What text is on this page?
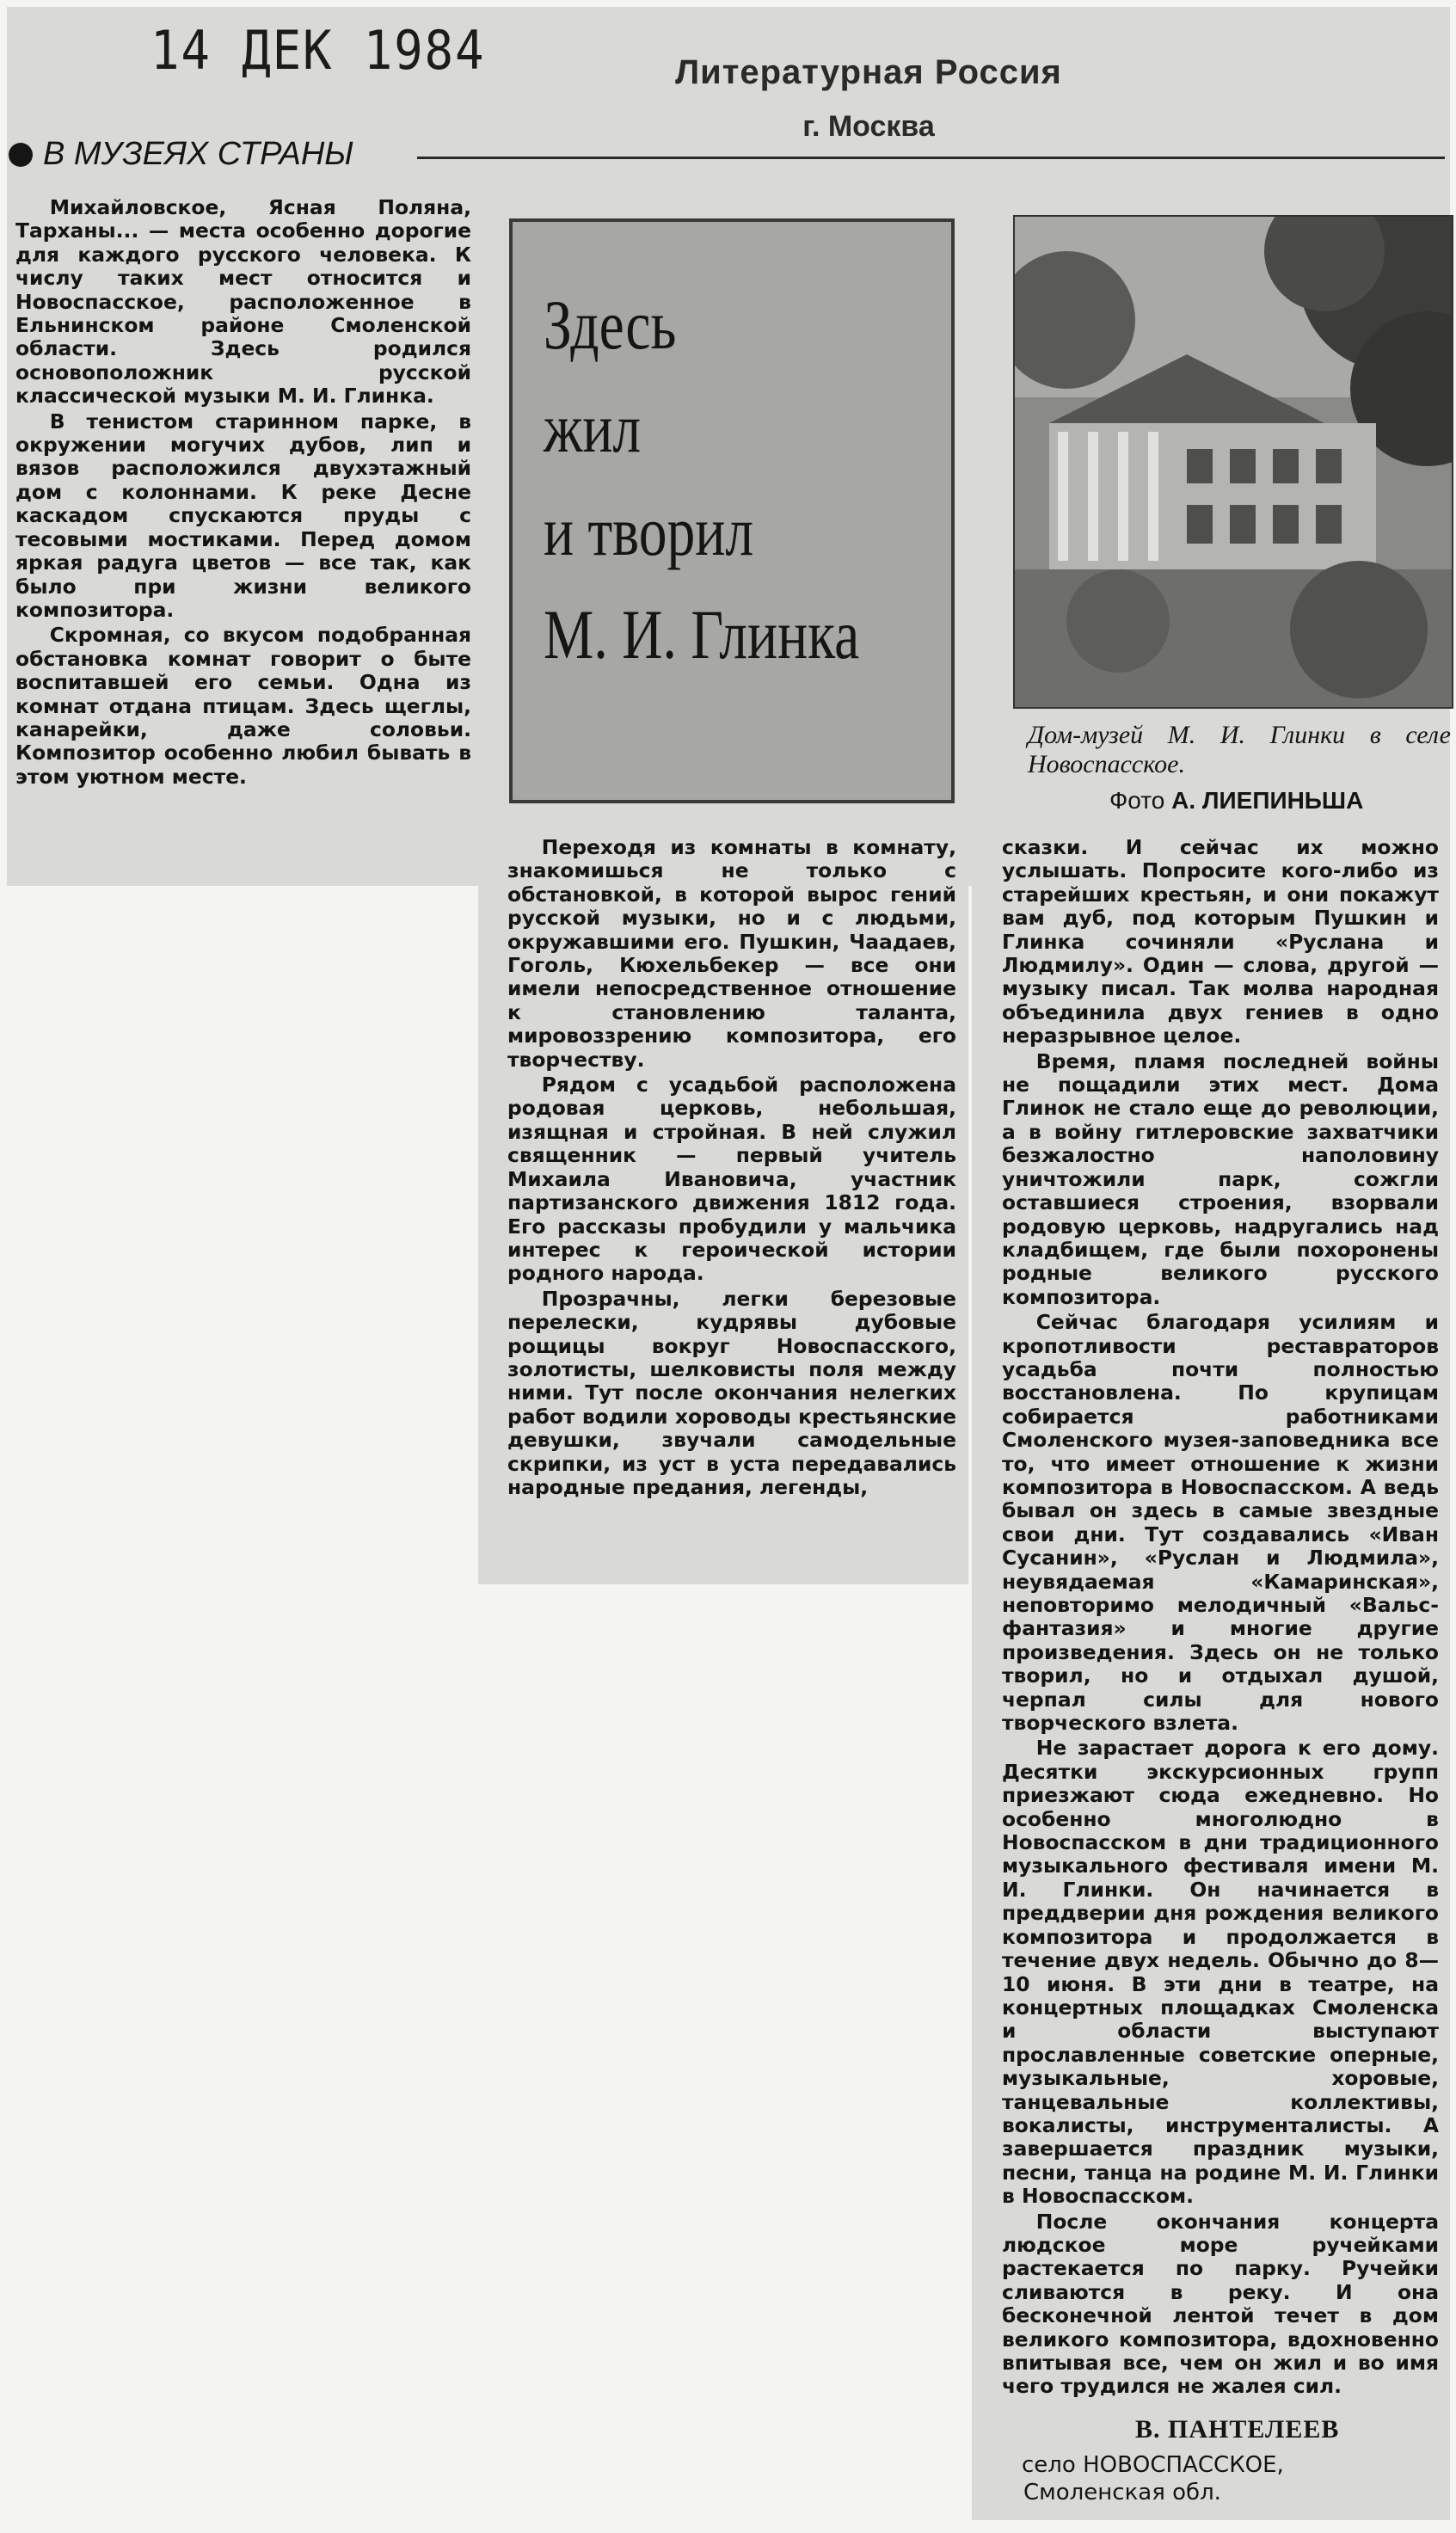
​
14 ДЕК 1984	Литературная Россия
г. Москва
В МУЗЕЯХ СТРАНЫ

Михайловское, Ясная Поляна, Тарханы... — места особенно дорогие для каждого русского человека. К числу таких мест относится и Новоспасское, расположенное в Ельнинском районе Смоленской области. Здесь родился основоположник русской классической музыки М. И. Глинка.

В тенистом старинном парке, в окружении могучих дубов, лип и вязов расположился двухэтажный дом с колоннами. К реке Десне каскадом спускаются пруды с тесовыми мостиками. Перед домом яркая радуга цветов — все так, как было при жизни великого композитора.

Скромная, со вкусом подобранная обстановка комнат говорит о быте воспитавшей его семьи. Одна из комнат отдана птицам. Здесь щеглы, канарейки, даже соловьи. Композитор особенно любил бывать в этом уютном месте.

Здесь
жил
и творил
М. И. Глинка
Дом-музей М. И. Глинки в селе Новоспасское.
Фото А. ЛИЕПИНЬША

Переходя из комнаты в комнату, знакомишься не только с обстановкой, в которой вырос гений русской музыки, но и с людьми, окружавшими его. Пушкин, Чаадаев, Гоголь, Кюхельбекер — все они имели непосредственное отношение к становлению таланта, мировоззрению композитора, его творчеству.

Рядом с усадьбой расположена родовая церковь, небольшая, изящная и стройная. В ней служил священник — первый учитель Михаила Ивановича, участник партизанского движения 1812 года. Его рассказы пробудили у мальчика интерес к героической истории родного народа.

Прозрачны, легки березовые перелески, кудрявы дубовые рощицы вокруг Новоспасского, золотисты, шелковисты поля между ними. Тут после окончания нелегких работ водили хороводы крестьянские девушки, звучали самодельные скрипки, из уст в уста передавались народные предания, легенды,

сказки. И сейчас их можно услышать. Попросите кого-либо из старейших крестьян, и они покажут вам дуб, под которым Пушкин и Глинка сочиняли «Руслана и Людмилу». Один — слова, другой — музыку писал. Так молва народная объединила двух гениев в одно неразрывное целое.

Время, пламя последней войны не пощадили этих мест. Дома Глинок не стало еще до революции, а в войну гитлеровские захватчики безжалостно наполовину уничтожили парк, сожгли оставшиеся строения, взорвали родовую церковь, надругались над кладбищем, где были похоронены родные великого русского композитора.

Сейчас благодаря усилиям и кропотливости реставраторов усадьба почти полностью восстановлена. По крупицам собирается работниками Смоленского музея-заповедника все то, что имеет отношение к жизни композитора в Новоспасском. А ведь бывал он здесь в самые звездные свои дни. Тут создавались «Иван Сусанин», «Руслан и Людмила», неувядаемая «Камаринская», неповторимо мелодичный «Вальс-фантазия» и многие другие произведения. Здесь он не только творил, но и отдыхал душой, черпал силы для нового творческого взлета.

Не зарастает дорога к его дому. Десятки экскурсионных групп приезжают сюда ежедневно. Но особенно многолюдно в Новоспасском в дни традиционного музыкального фестиваля имени М. И. Глинки. Он начинается в преддверии дня рождения великого композитора и продолжается в течение двух недель. Обычно до 8—10 июня. В эти дни в театре, на концертных площадках Смоленска и области выступают прославленные советские оперные, музыкальные, хоровые, танцевальные коллективы, вокалисты, инструменталисты. А завершается праздник музыки, песни, танца на родине М. И. Глинки в Новоспасском.

После окончания концерта людское море ручейками растекается по парку. Ручейки сливаются в реку. И она бесконечной лентой течет в дом великого композитора, вдохновенно впитывая все, чем он жил и во имя чего трудился не жалея сил.

В. ПАНТЕЛЕЕВ
село НОВОСПАССКОЕ,
Смоленская обл.
